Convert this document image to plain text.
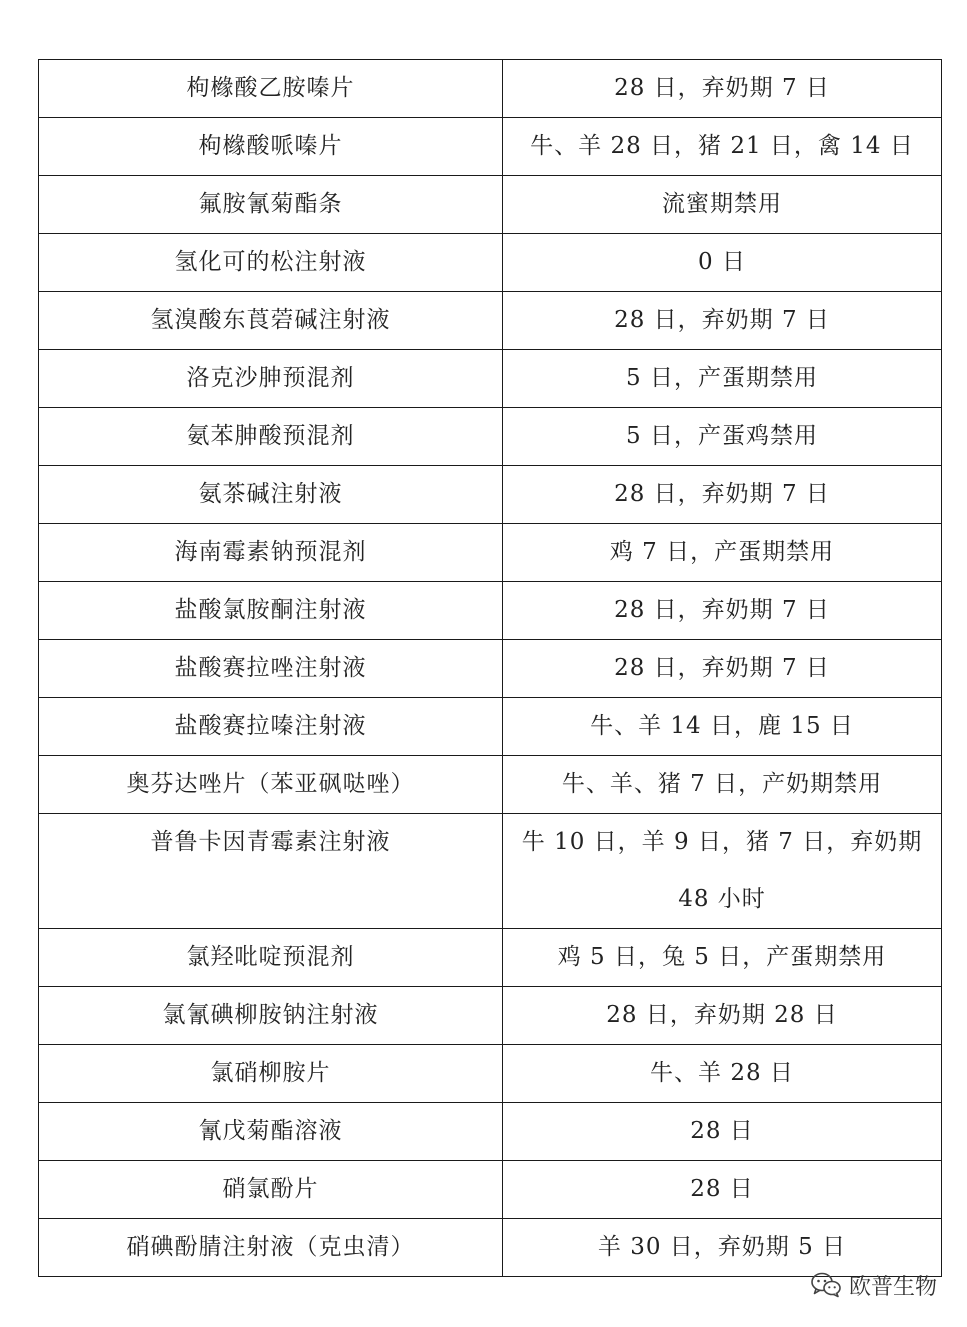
枸橼酸乙胺嗪片	28 日，弃奶期 7 日
枸橼酸哌嗪片	牛、羊 28 日，猪 21 日，禽 14 日
氟胺氰菊酯条	流蜜期禁用
氢化可的松注射液	0 日
氢溴酸东莨菪碱注射液	28 日，弃奶期 7 日
洛克沙胂预混剂	5 日，产蛋期禁用
氨苯胂酸预混剂	5 日，产蛋鸡禁用
氨茶碱注射液	28 日，弃奶期 7 日
海南霉素钠预混剂	鸡 7 日，产蛋期禁用
盐酸氯胺酮注射液	28 日，弃奶期 7 日
盐酸赛拉唑注射液	28 日，弃奶期 7 日
盐酸赛拉嗪注射液	牛、羊 14 日，鹿 15 日
奥芬达唑片（苯亚砜哒唑）	牛、羊、猪 7 日，产奶期禁用
普鲁卡因青霉素注射液	牛 10 日，羊 9 日，猪 7 日，弃奶期 48 小时
氯羟吡啶预混剂	鸡 5 日，兔 5 日，产蛋期禁用
氯氰碘柳胺钠注射液	28 日，弃奶期 28 日
氯硝柳胺片	牛、羊 28 日
氰戊菊酯溶液	28 日
硝氯酚片	28 日
硝碘酚腈注射液（克虫清）	羊 30 日，弃奶期 5 日
欧普生物
